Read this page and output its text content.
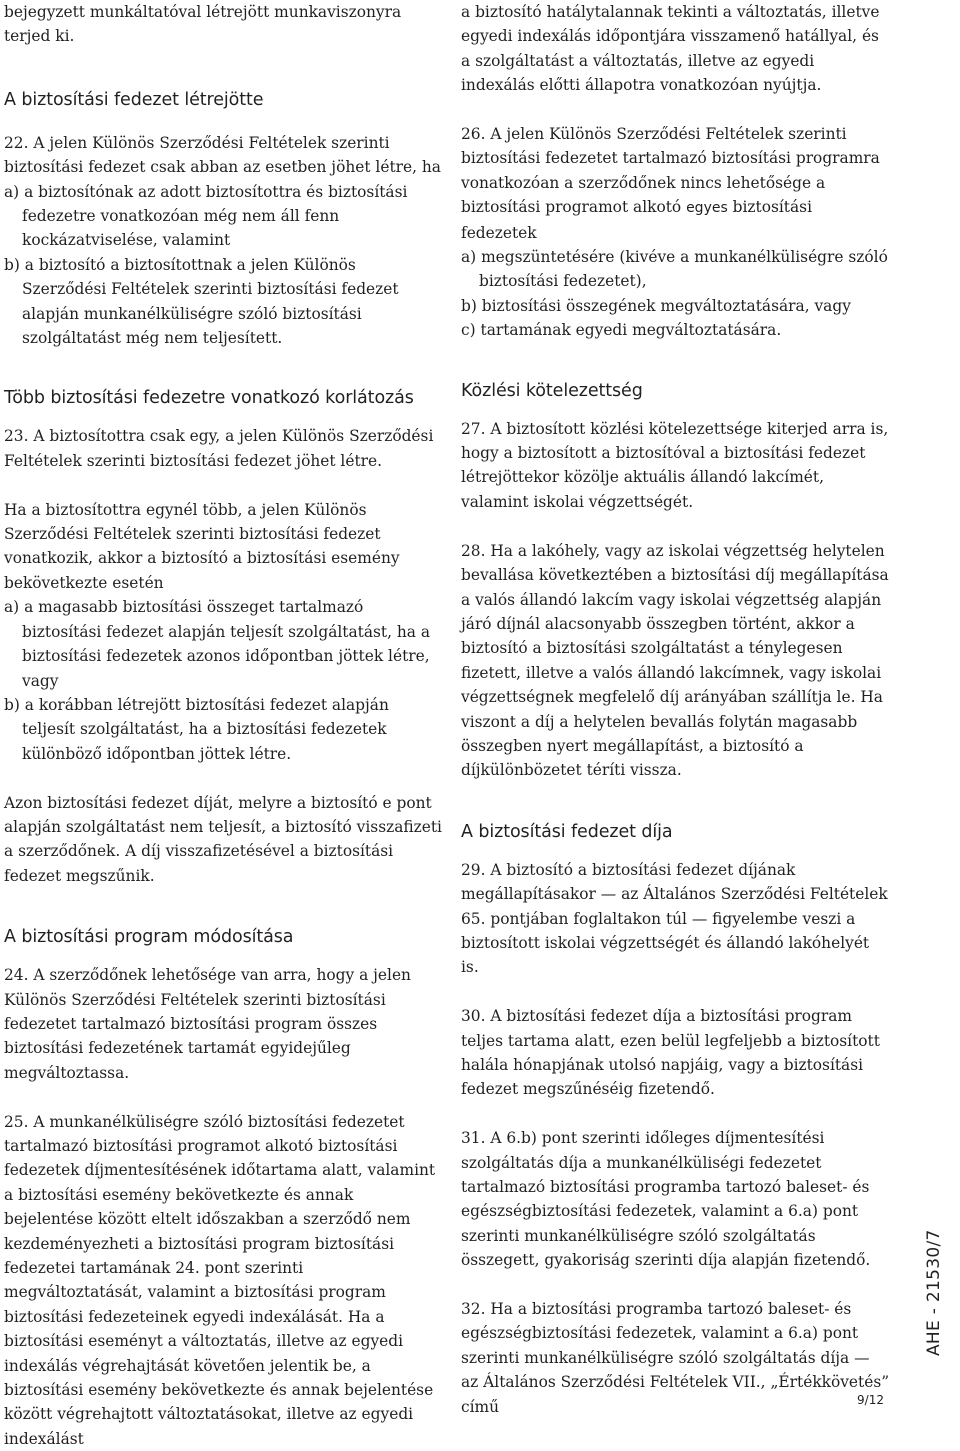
bejegyzett munkáltatóval létrejött munkaviszonyra terjed ki.

A biztosítási fedezet létrejötte

22. A jelen Különös Szerződési Feltételek szerinti biztosítási fedezet csak abban az esetben jöhet létre, ha

a) a biztosítónak az adott biztosítottra és biztosítási fedezetre vonatkozóan még nem áll fenn kockázatviselése, valamint

b) a biztosító a biztosítottnak a jelen Különös Szerződési Feltételek szerinti biztosítási fedezet alapján munkanélküliségre szóló biztosítási szolgáltatást még nem teljesített.

Több biztosítási fedezetre vonatkozó korlátozás

23. A biztosítottra csak egy, a jelen Különös Szerződési Feltételek szerinti biztosítási fedezet jöhet létre.

Ha a biztosítottra egynél több, a jelen Különös Szerződési Feltételek szerinti biztosítási fedezet vonatkozik, akkor a biztosító a biztosítási esemény bekövetkezte esetén

a) a magasabb biztosítási összeget tartalmazó biztosítási fedezet alapján teljesít szolgáltatást, ha a biztosítási fedezetek azonos időpontban jöttek létre, vagy

b) a korábban létrejött biztosítási fedezet alapján teljesít szolgáltatást, ha a biztosítási fedezetek különböző időpontban jöttek létre.

Azon biztosítási fedezet díját, melyre a biztosító e pont alapján szolgáltatást nem teljesít, a biztosító visszafizeti a szerződőnek. A díj visszafizetésével a biztosítási fedezet megszűnik.

A biztosítási program módosítása

24. A szerződőnek lehetősége van arra, hogy a jelen Különös Szerződési Feltételek szerinti biztosítási fedezetet tartalmazó biztosítási program összes biztosítási fedezetének tartamát egyidejűleg megváltoztassa.

25. A munkanélküliségre szóló biztosítási fedezetet tartalmazó biztosítási programot alkotó biztosítási fedezetek díjmentesítésének időtartama alatt, valamint a biztosítási esemény bekövetkezte és annak bejelentése között eltelt időszakban a szerződő nem kezdeményezheti a biztosítási program biztosítási fedezetei tartamának 24. pont szerinti megváltoztatását, valamint a biztosítási program biztosítási fedezeteinek egyedi indexálását. Ha a biztosítási eseményt a változtatás, illetve az egyedi indexálás végrehajtását követően jelentik be, a biztosítási esemény bekövetkezte és annak bejelentése között végrehajtott változtatásokat, illetve az egyedi indexálást

a biztosító hatálytalannak tekinti a változtatás, illetve egyedi indexálás időpontjára visszamenő hatállyal, és a szolgáltatást a változtatás, illetve az egyedi indexálás előtti állapotra vonatkozóan nyújtja.

26. A jelen Különös Szerződési Feltételek szerinti biztosítási fedezetet tartalmazó biztosítási programra vonatkozóan a szerződőnek nincs lehetősége a biztosítási programot alkotó egyes biztosítási fedezetek

a) megszüntetésére (kivéve a munkanélküliségre szóló biztosítási fedezetet),

b) biztosítási összegének megváltoztatására, vagy

c) tartamának egyedi megváltoztatására.

Közlési kötelezettség

27. A biztosított közlési kötelezettsége kiterjed arra is, hogy a biztosított a biztosítóval a biztosítási fedezet létrejöttekor közölje aktuális állandó lakcímét, valamint iskolai végzettségét.

28. Ha a lakóhely, vagy az iskolai végzettség helytelen bevallása következtében a biztosítási díj megállapítása a valós állandó lakcím vagy iskolai végzettség alapján járó díjnál alacsonyabb összegben történt, akkor a biztosító a biztosítási szolgáltatást a ténylegesen fizetett, illetve a valós állandó lakcímnek, vagy iskolai végzettségnek megfelelő díj arányában szállítja le. Ha viszont a díj a helytelen bevallás folytán magasabb összegben nyert megállapítást, a biztosító a díjkülönbözetet téríti vissza.

A biztosítási fedezet díja

29. A biztosító a biztosítási fedezet díjának megállapításakor — az Általános Szerződési Feltételek 65. pontjában foglaltakon túl — figyelembe veszi a biztosított iskolai végzettségét és állandó lakóhelyét is.

30. A biztosítási fedezet díja a biztosítási program teljes tartama alatt, ezen belül legfeljebb a biztosított halála hónapjának utolsó napjáig, vagy a biztosítási fedezet megszűnéséig fizetendő.

31. A 6.b) pont szerinti időleges díjmentesítési szolgáltatás díja a munkanélküliségi fedezetet tartalmazó biztosítási programba tartozó baleset- és egészségbiztosítási fedezetek, valamint a 6.a) pont szerinti munkanélküliségre szóló szolgáltatás összegett, gyakoriság szerinti díja alapján fizetendő.

32. Ha a biztosítási programba tartozó baleset- és egészségbiztosítási fedezetek, valamint a 6.a) pont szerinti munkanélküliségre szóló szolgáltatás díja — az Általános Szerződési Feltételek VII., „Értékkövetés” című

AHE - 21530/7
9/12
